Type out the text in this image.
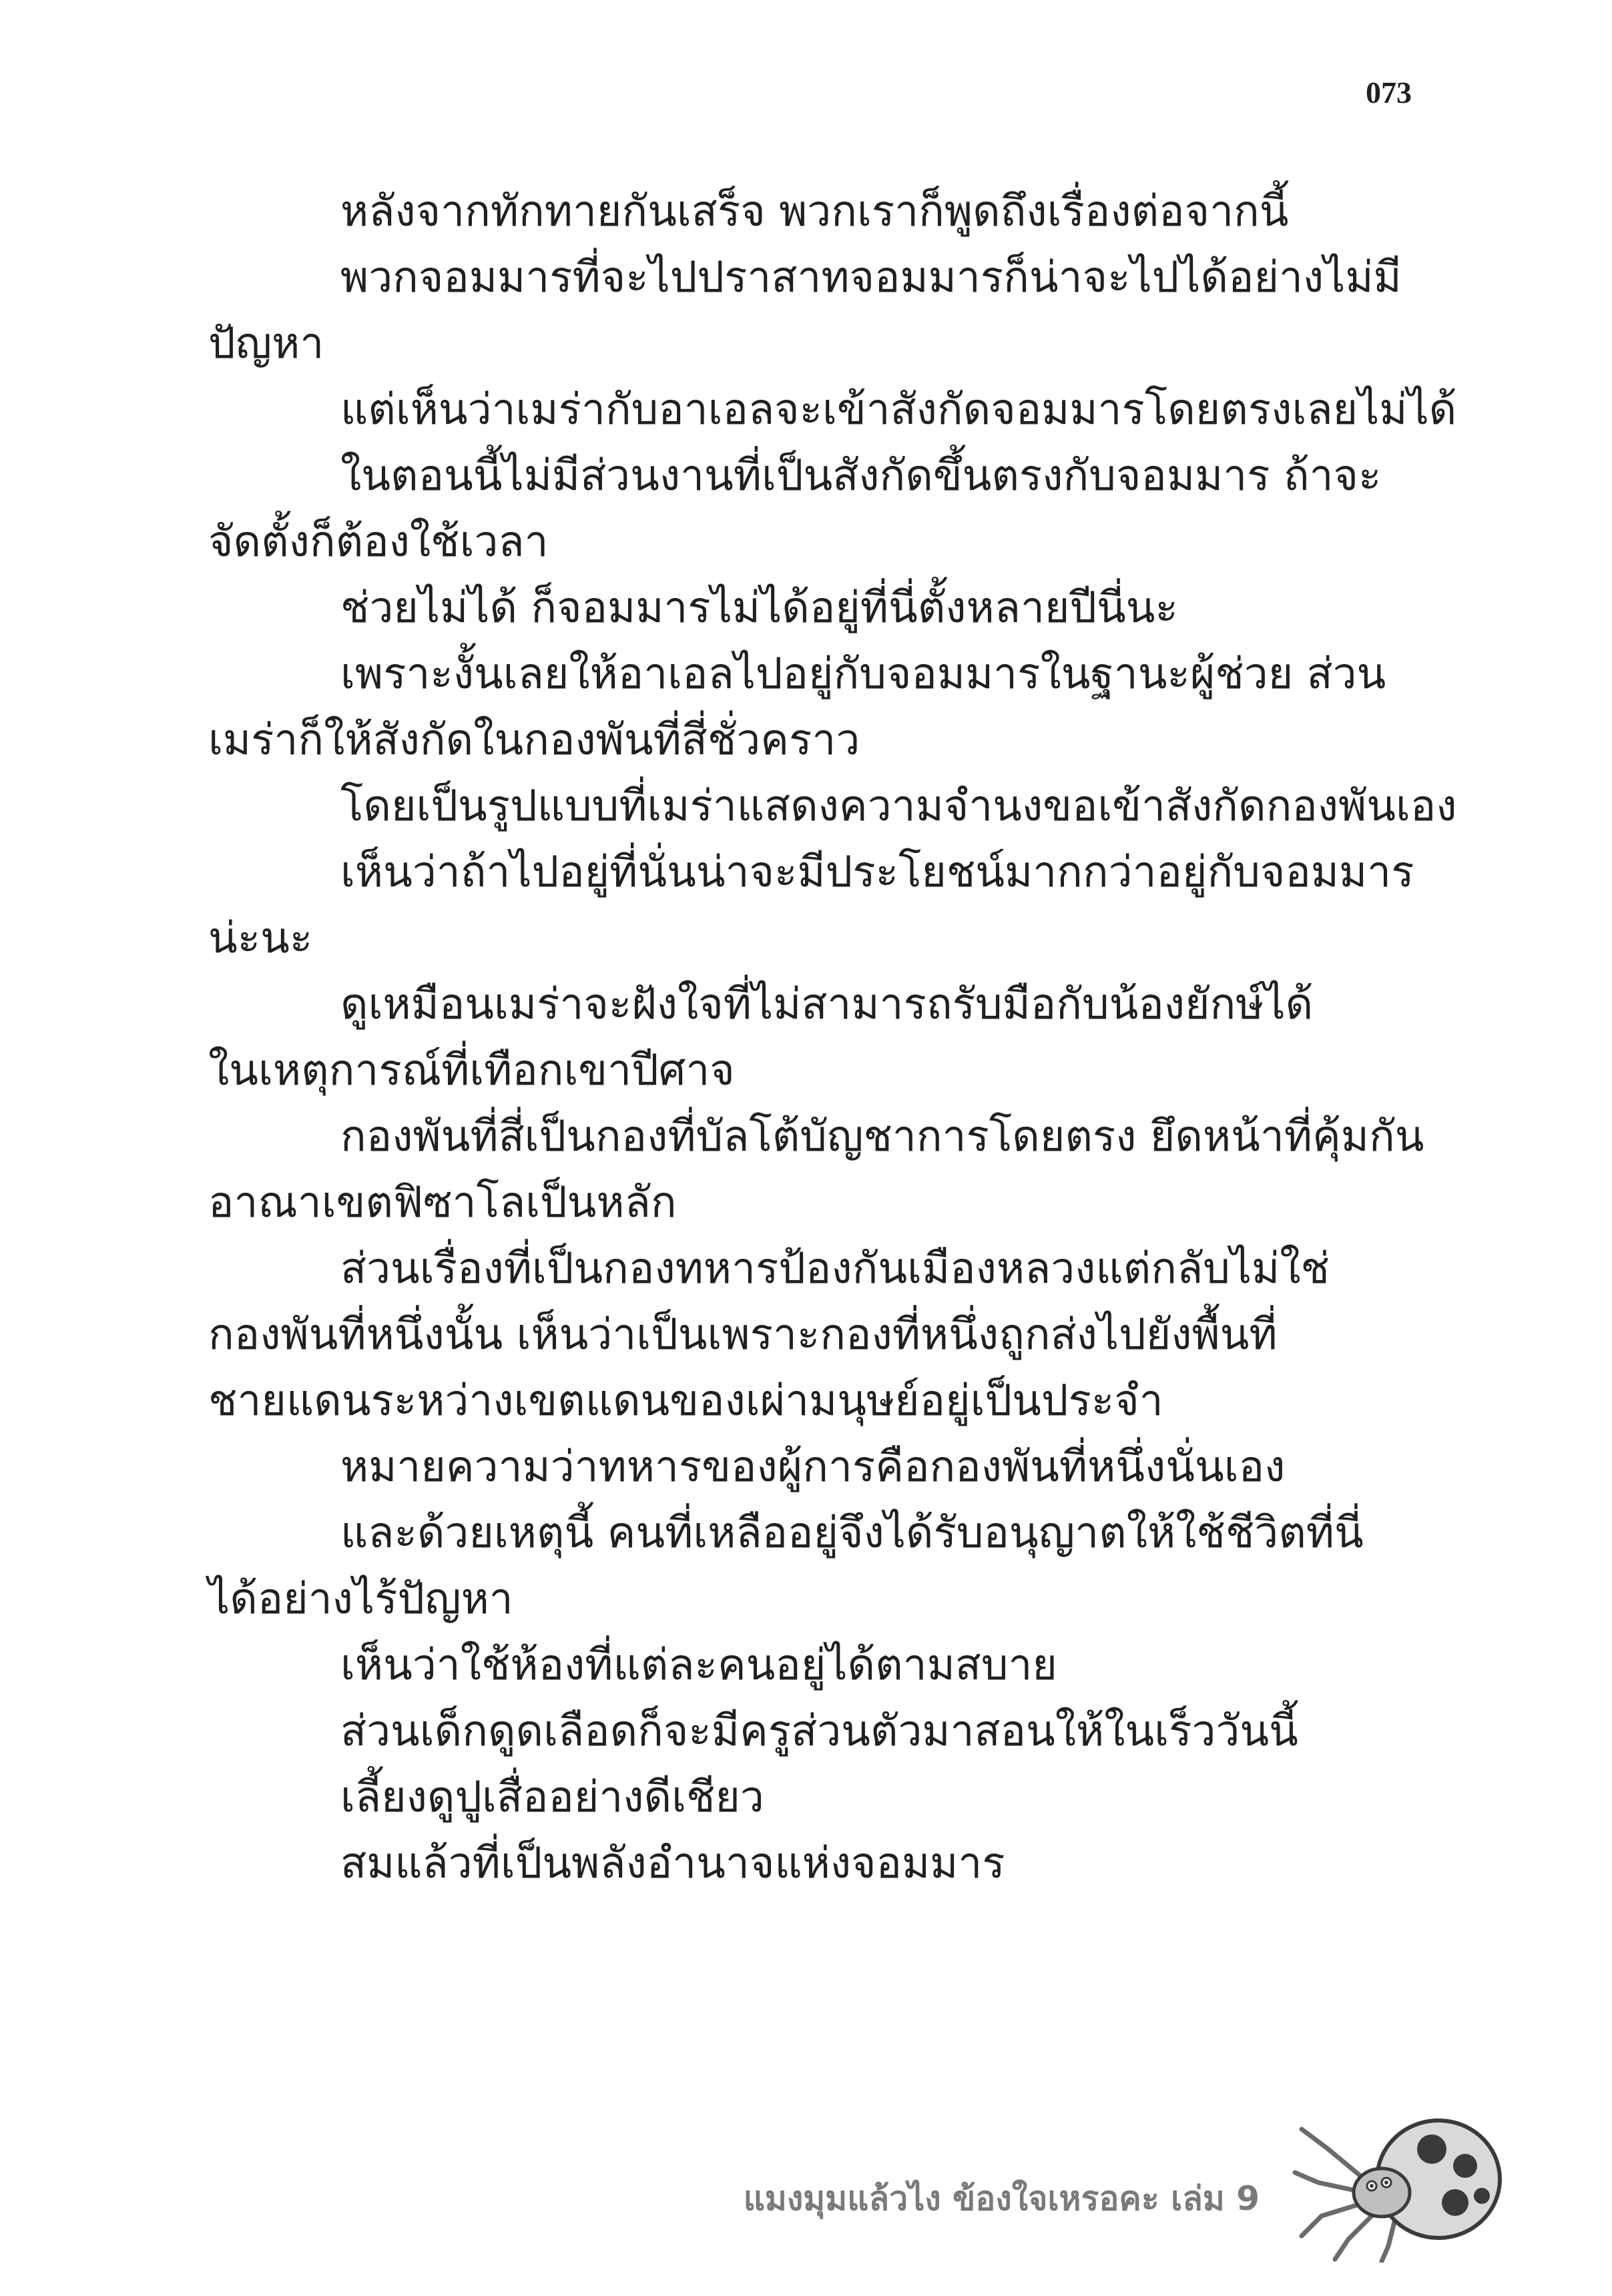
073
หลังจากทักทายกันเสร็จ พวกเราก็พูดถึงเรื่องต่อจากนี้
พวกจอมมารที่จะไปปราสาทจอมมารก็น่าจะไปได้อย่างไม่มี
ปัญหา
แต่เห็นว่าเมร่ากับอาเอลจะเข้าสังกัดจอมมารโดยตรงเลยไม่ได้
ในตอนนี้ไม่มีส่วนงานที่เป็นสังกัดขึ้นตรงกับจอมมาร ถ้าจะ
จัดตั้งก็ต้องใช้เวลา
ช่วยไม่ได้ ก็จอมมารไม่ได้อยู่ที่นี่ตั้งหลายปีนี่นะ
เพราะงั้นเลยให้อาเอลไปอยู่กับจอมมารในฐานะผู้ช่วย ส่วน
เมร่าก็ให้สังกัดในกองพันที่สี่ชั่วคราว
โดยเป็นรูปแบบที่เมร่าแสดงความจำนงขอเข้าสังกัดกองพันเอง
เห็นว่าถ้าไปอยู่ที่นั่นน่าจะมีประโยชน์มากกว่าอยู่กับจอมมาร
น่ะนะ
ดูเหมือนเมร่าจะฝังใจที่ไม่สามารถรับมือกับน้องยักษ์ได้
ในเหตุการณ์ที่เทือกเขาปีศาจ
กองพันที่สี่เป็นกองที่บัลโต้บัญชาการโดยตรง ยึดหน้าที่คุ้มกัน
อาณาเขตฟิซาโลเป็นหลัก
ส่วนเรื่องที่เป็นกองทหารป้องกันเมืองหลวงแต่กลับไม่ใช่
กองพันที่หนึ่งนั้น เห็นว่าเป็นเพราะกองที่หนึ่งถูกส่งไปยังพื้นที่
ชายแดนระหว่างเขตแดนของเผ่ามนุษย์อยู่เป็นประจำ
หมายความว่าทหารของผู้การคือกองพันที่หนึ่งนั่นเอง
และด้วยเหตุนี้ คนที่เหลืออยู่จึงได้รับอนุญาตให้ใช้ชีวิตที่นี่
ได้อย่างไร้ปัญหา
เห็นว่าใช้ห้องที่แต่ละคนอยู่ได้ตามสบาย
ส่วนเด็กดูดเลือดก็จะมีครูส่วนตัวมาสอนให้ในเร็ววันนี้
เลี้ยงดูปูเสื่ออย่างดีเชียว
สมแล้วที่เป็นพลังอำนาจแห่งจอมมาร
แมงมุมแล้วไง ข้องใจเหรอคะ เล่ม 9
